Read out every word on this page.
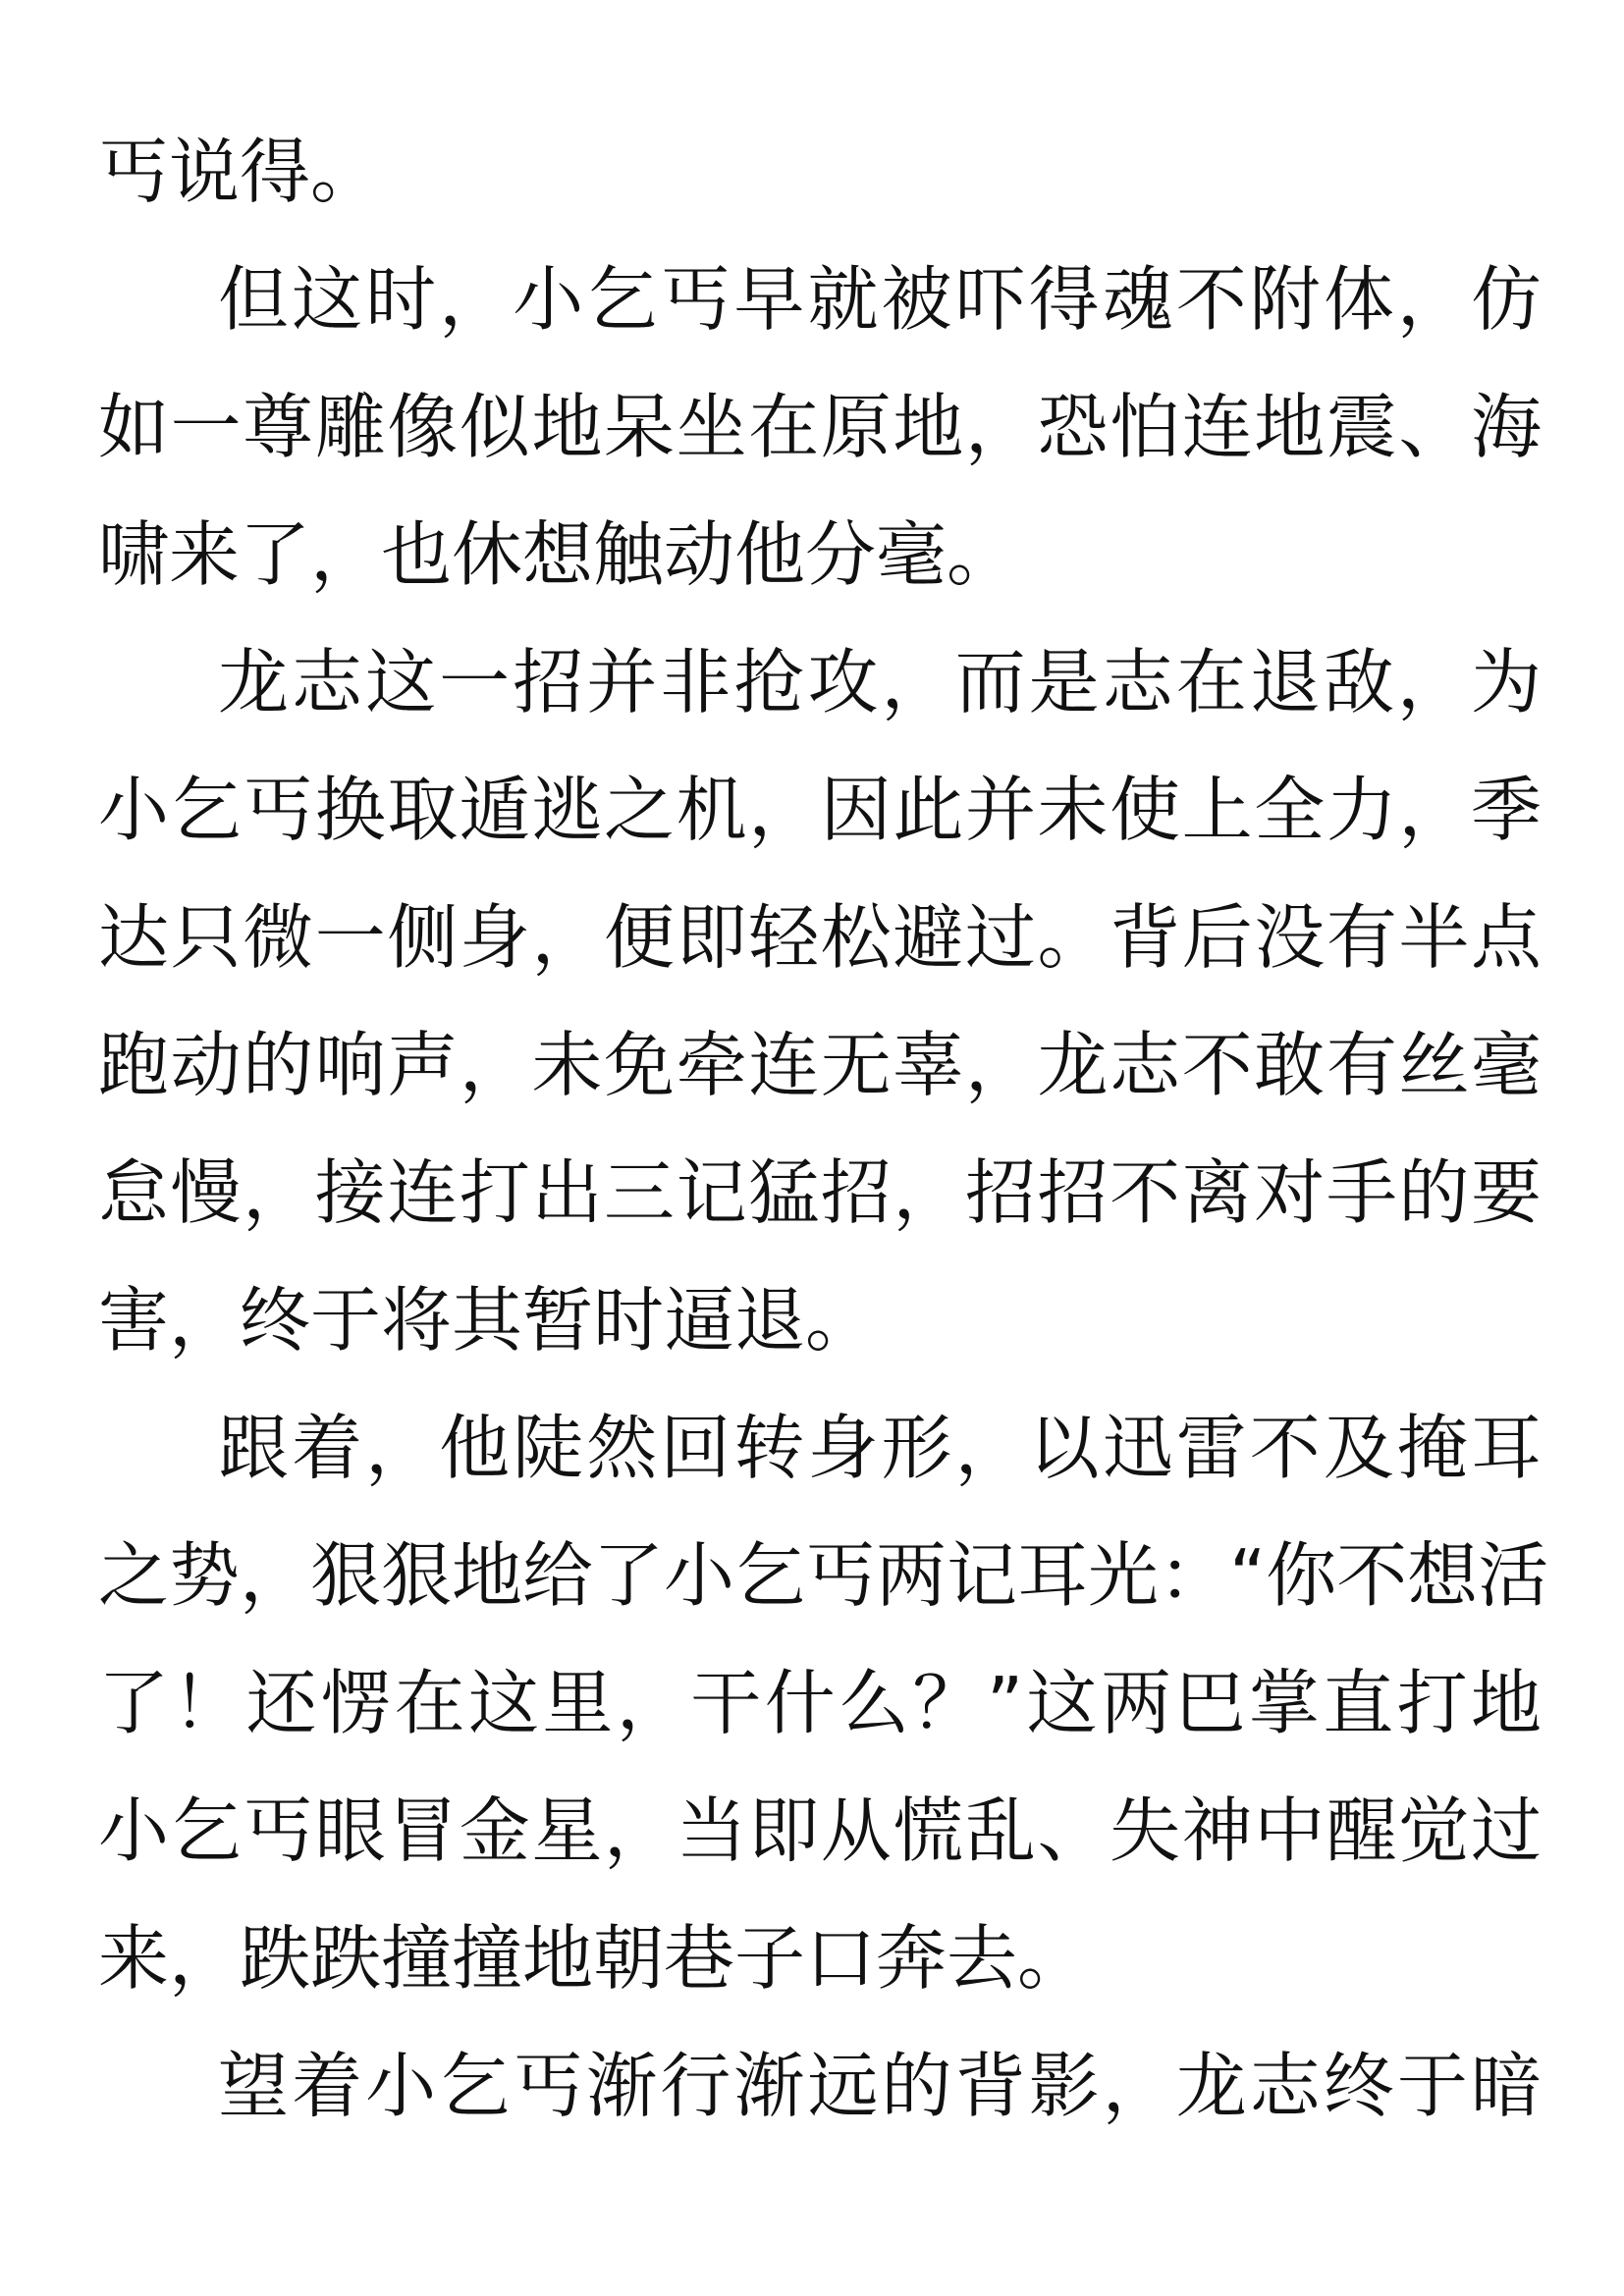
丐说得。
但这时，小乞丐早就被吓得魂不附体，仿
如一尊雕像似地呆坐在原地，恐怕连地震、海
啸来了，也休想触动他分毫。
龙志这一招并非抢攻，而是志在退敌，为
小乞丐换取遁逃之机，因此并未使上全力，季
达只微一侧身，便即轻松避过。背后没有半点
跑动的响声，未免牵连无辜，龙志不敢有丝毫
怠慢，接连打出三记猛招，招招不离对手的要
害，终于将其暂时逼退。
跟着，他陡然回转身形，以迅雷不及掩耳
之势，狠狠地给了小乞丐两记耳光：“你不想活
了！还愣在这里，干什么？”这两巴掌直打地
小乞丐眼冒金星，当即从慌乱、失神中醒觉过
来，跌跌撞撞地朝巷子口奔去。
望着小乞丐渐行渐远的背影，龙志终于暗
